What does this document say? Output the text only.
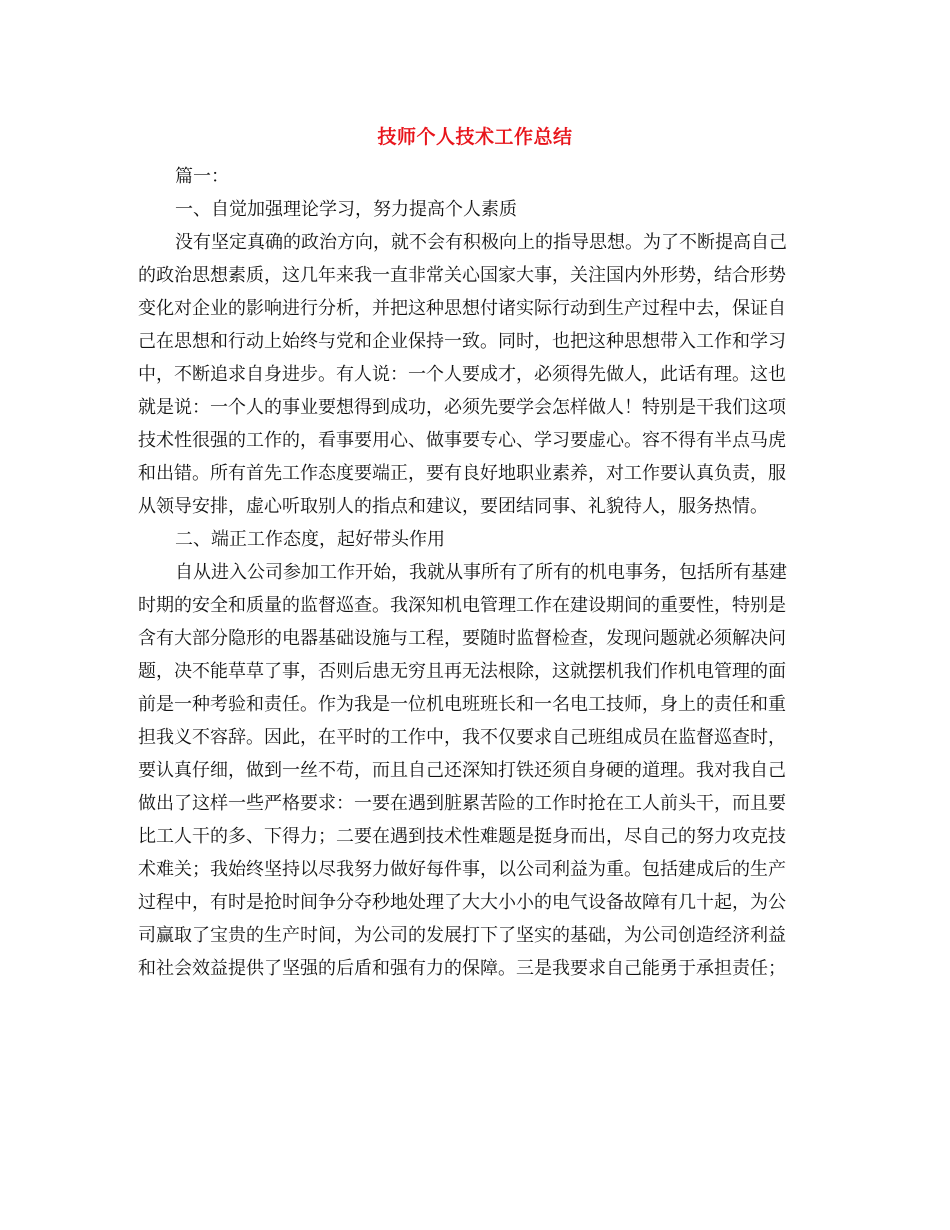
技师个人技术工作总结
篇一：
一、自觉加强理论学习，努力提高个人素质
没有坚定真确的政治方向，就不会有积极向上的指导思想。为了不断提高自己
的政治思想素质，这几年来我一直非常关心国家大事，关注国内外形势，结合形势
变化对企业的影响进行分析，并把这种思想付诸实际行动到生产过程中去，保证自
己在思想和行动上始终与党和企业保持一致。同时，也把这种思想带入工作和学习
中，不断追求自身进步。有人说：一个人要成才，必须得先做人，此话有理。这也
就是说：一个人的事业要想得到成功，必须先要学会怎样做人！特别是干我们这项
技术性很强的工作的，看事要用心、做事要专心、学习要虚心。容不得有半点马虎
和出错。所有首先工作态度要端正，要有良好地职业素养，对工作要认真负责，服
从领导安排，虚心听取别人的指点和建议，要团结同事、礼貌待人，服务热情。
二、端正工作态度，起好带头作用
自从进入公司参加工作开始，我就从事所有了所有的机电事务，包括所有基建
时期的安全和质量的监督巡查。我深知机电管理工作在建设期间的重要性，特别是
含有大部分隐形的电器基础设施与工程，要随时监督检查，发现问题就必须解决问
题，决不能草草了事，否则后患无穷且再无法根除，这就摆机我们作机电管理的面
前是一种考验和责任。作为我是一位机电班班长和一名电工技师，身上的责任和重
担我义不容辞。因此，在平时的工作中，我不仅要求自己班组成员在监督巡查时，
要认真仔细，做到一丝不苟，而且自己还深知打铁还须自身硬的道理。我对我自己
做出了这样一些严格要求：一要在遇到脏累苦险的工作时抢在工人前头干，而且要
比工人干的多、下得力；二要在遇到技术性难题是挺身而出，尽自己的努力攻克技
术难关；我始终坚持以尽我努力做好每件事，以公司利益为重。包括建成后的生产
过程中，有时是抢时间争分夺秒地处理了大大小小的电气设备故障有几十起，为公
司赢取了宝贵的生产时间，为公司的发展打下了坚实的基础，为公司创造经济利益
和社会效益提供了坚强的后盾和强有力的保障。三是我要求自己能勇于承担责任；
